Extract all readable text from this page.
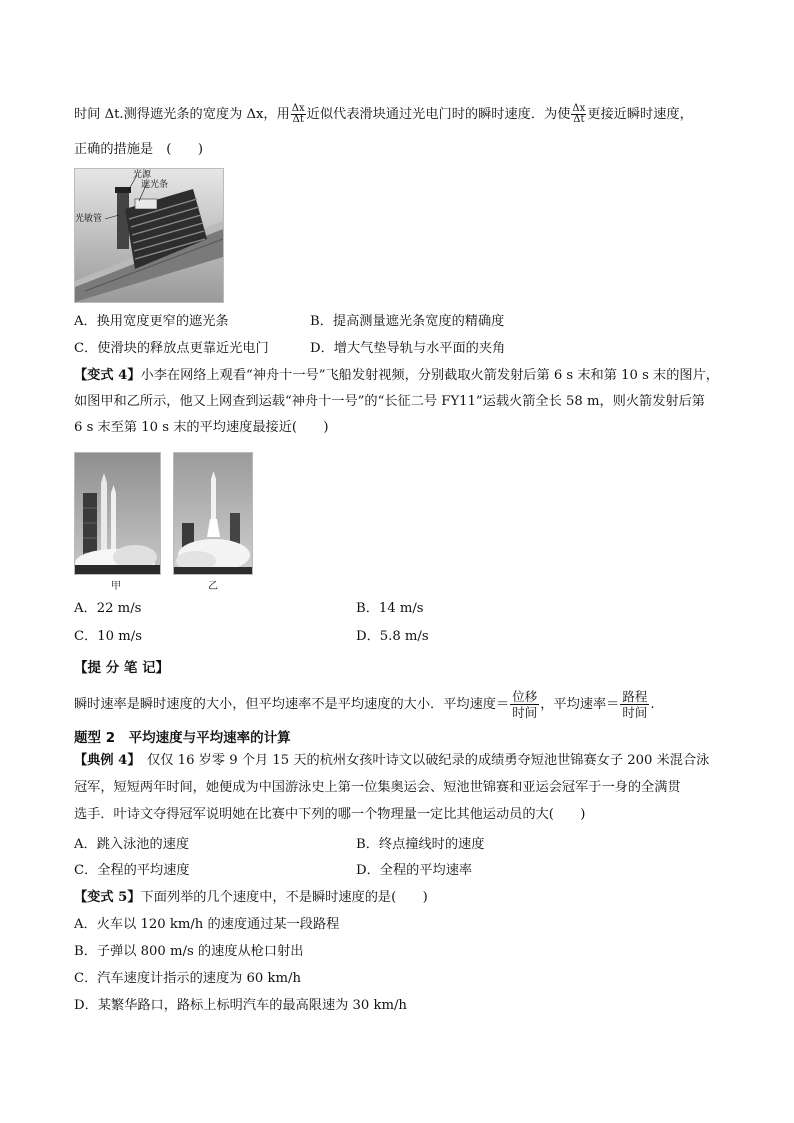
时间 Δt.测得遮光条的宽度为 Δx，用 $\frac{\Delta x}{\Delta t}$ 近似代表滑块通过光电门时的瞬时速度．为使 $\frac{\Delta x}{\Delta t}$ 更接近瞬时速度，
正确的措施是　(　　)
光源
遮光条
光敏管
A．换用宽度更窄的遮光条	B．提高测量遮光条宽度的精确度
C．使滑块的释放点更靠近光电门	D．增大气垫导轨与水平面的夹角
【变式 4】小李在网络上观看“神舟十一号”飞船发射视频，分别截取火箭发射后第 6 s 末和第 10 s 末的图片，
如图甲和乙所示，他又上网查到运载“神舟十一号”的“长征二号 FY11”运载火箭全长 58 m，则火箭发射后第
6 s 末至第 10 s 末的平均速度最接近(　　)
甲	乙
A．22 m/s	B．14 m/s
C．10 m/s	D．5.8 m/s
【提 分 笔 记】
瞬时速率是瞬时速度的大小，但平均速率不是平均速度的大小．平均速度＝ $\frac{\text{位移}}{\text{时间}}$ ，平均速率＝ $\frac{\text{路程}}{\text{时间}}$ .
题型 2　平均速度与平均速率的计算
【典例 4】　仅仅 16 岁零 9 个月 15 天的杭州女孩叶诗文以破纪录的成绩勇夺短池世锦赛女子 200 米混合泳
冠军，短短两年时间，她便成为中国游泳史上第一位集奥运会、短池世锦赛和亚运会冠军于一身的全满贯
选手．叶诗文夺得冠军说明她在比赛中下列的哪一个物理量一定比其他运动员的大(　　)
A．跳入泳池的速度	B．终点撞线时的速度
C．全程的平均速度	D．全程的平均速率
【变式 5】下面列举的几个速度中，不是瞬时速度的是(　　)
A．火车以 120 km/h 的速度通过某一段路程
B．子弹以 800 m/s 的速度从枪口射出
C．汽车速度计指示的速度为 60 km/h
D．某繁华路口，路标上标明汽车的最高限速为 30 km/h
